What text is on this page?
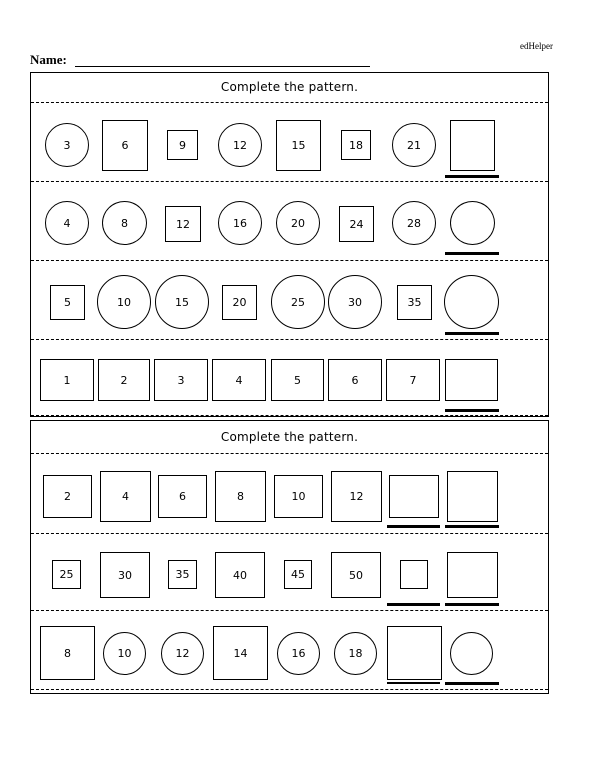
edHelper
Name:
Complete the pattern.
3	6	9	12	15	18	21
4	8	12	16	20	24	28
5	10	15	20	25	30	35
1	2	3	4	5	6	7
Complete the pattern.
2	4	6	8	10	12
25	30	35	40	45	50
8	10	12	14	16	18
